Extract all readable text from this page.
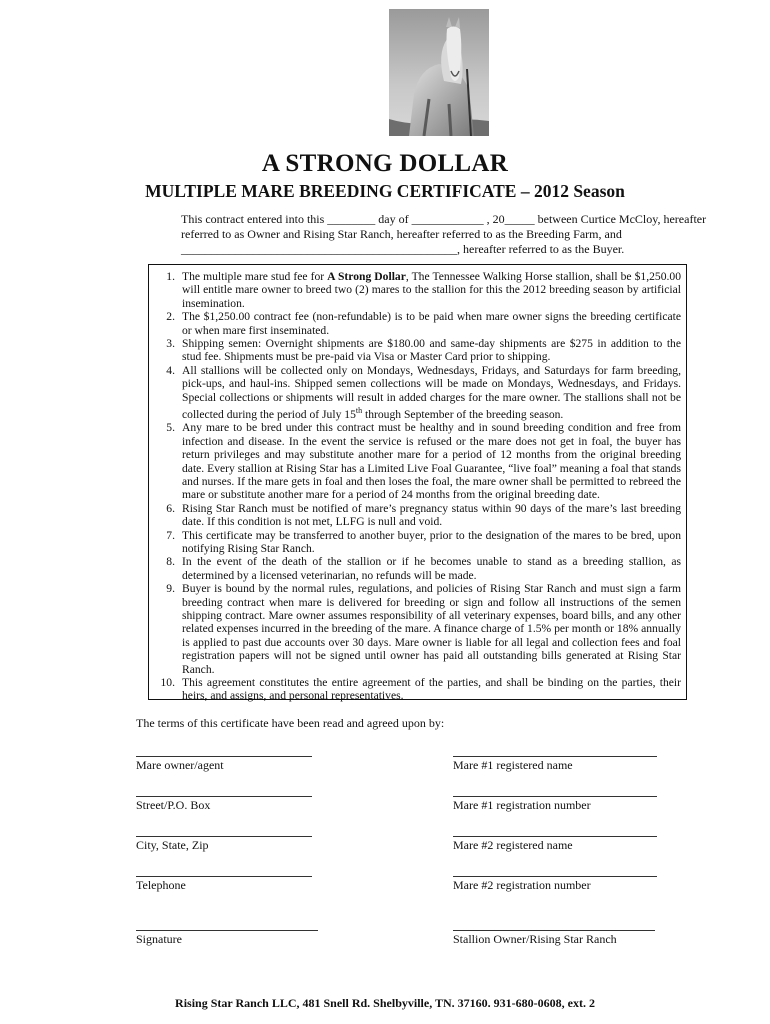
A STRONG DOLLAR
MULTIPLE MARE BREEDING CERTIFICATE – 2012 Season
This contract entered into this ________ day of ____________ , 20_____ between Curtice McCloy, hereafter
referred to as Owner and Rising Star Ranch, hereafter referred to as the Breeding Farm, and
______________________________________________, hereafter referred to as the Buyer.

1. The multiple mare stud fee for A Strong Dollar, The Tennessee Walking Horse stallion, shall be $1,250.00 will entitle mare owner to breed two (2) mares to the stallion for this the 2012 breeding season by artificial insemination.

2. The $1,250.00 contract fee (non-refundable) is to be paid when mare owner signs the breeding certificate or when mare first inseminated.

3. Shipping semen: Overnight shipments are $180.00 and same-day shipments are $275 in addition to the stud fee. Shipments must be pre-paid via Visa or Master Card prior to shipping.

4. All stallions will be collected only on Mondays, Wednesdays, Fridays, and Saturdays for farm breeding, pick-ups, and haul-ins. Shipped semen collections will be made on Mondays, Wednesdays, and Fridays. Special collections or shipments will result in added charges for the mare owner. The stallions shall not be collected during the period of July 15th through September of the breeding season.

5. Any mare to be bred under this contract must be healthy and in sound breeding condition and free from infection and disease. In the event the service is refused or the mare does not get in foal, the buyer has return privileges and may substitute another mare for a period of 12 months from the original breeding date. Every stallion at Rising Star has a Limited Live Foal Guarantee, “live foal” meaning a foal that stands and nurses. If the mare gets in foal and then loses the foal, the mare owner shall be permitted to rebreed the mare or substitute another mare for a period of 24 months from the original breeding date.

6. Rising Star Ranch must be notified of mare’s pregnancy status within 90 days of the mare’s last breeding date. If this condition is not met, LLFG is null and void.

7. This certificate may be transferred to another buyer, prior to the designation of the mares to be bred, upon notifying Rising Star Ranch.

8. In the event of the death of the stallion or if he becomes unable to stand as a breeding stallion, as determined by a licensed veterinarian, no refunds will be made.

9. Buyer is bound by the normal rules, regulations, and policies of Rising Star Ranch and must sign a farm breeding contract when mare is delivered for breeding or sign and follow all instructions of the semen shipping contract. Mare owner assumes responsibility of all veterinary expenses, board bills, and any other related expenses incurred in the breeding of the mare. A finance charge of 1.5% per month or 18% annually is applied to past due accounts over 30 days. Mare owner is liable for all legal and collection fees and foal registration papers will not be signed until owner has paid all outstanding bills generated at Rising Star Ranch.

10. This agreement constitutes the entire agreement of the parties, and shall be binding on the parties, their heirs, and assigns, and personal representatives.

The terms of this certificate have been read and agreed upon by:
Mare owner/agent	Mare #1 registered name
Street/P.O. Box	Mare #1 registration number
City, State, Zip	Mare #2 registered name
Telephone	Mare #2 registration number
Signature	Stallion Owner/Rising Star Ranch
Rising Star Ranch LLC, 481 Snell Rd. Shelbyville, TN. 37160. 931-680-0608, ext. 2
